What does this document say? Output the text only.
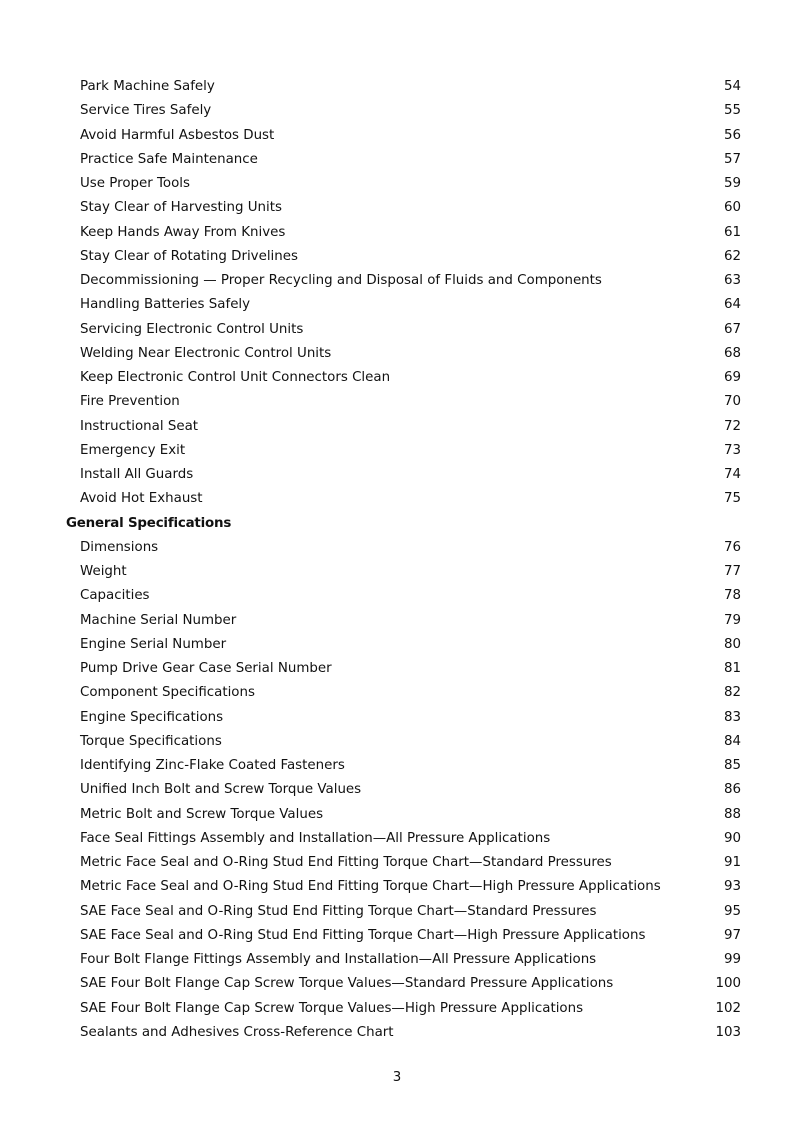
Park Machine Safely	54
Service Tires Safely	55
Avoid Harmful Asbestos Dust	56
Practice Safe Maintenance	57
Use Proper Tools	59
Stay Clear of Harvesting Units	60
Keep Hands Away From Knives	61
Stay Clear of Rotating Drivelines	62
Decommissioning — Proper Recycling and Disposal of Fluids and Components	63
Handling Batteries Safely	64
Servicing Electronic Control Units	67
Welding Near Electronic Control Units	68
Keep Electronic Control Unit Connectors Clean	69
Fire Prevention	70
Instructional Seat	72
Emergency Exit	73
Install All Guards	74
Avoid Hot Exhaust	75
General Specifications
Dimensions	76
Weight	77
Capacities	78
Machine Serial Number	79
Engine Serial Number	80
Pump Drive Gear Case Serial Number	81
Component Specifications	82
Engine Specifications	83
Torque Specifications	84
Identifying Zinc-Flake Coated Fasteners	85
Unified Inch Bolt and Screw Torque Values	86
Metric Bolt and Screw Torque Values	88
Face Seal Fittings Assembly and Installation—All Pressure Applications	90
Metric Face Seal and O-Ring Stud End Fitting Torque Chart—Standard Pressures	91
Metric Face Seal and O-Ring Stud End Fitting Torque Chart—High Pressure Applications	93
SAE Face Seal and O-Ring Stud End Fitting Torque Chart—Standard Pressures	95
SAE Face Seal and O-Ring Stud End Fitting Torque Chart—High Pressure Applications	97
Four Bolt Flange Fittings Assembly and Installation—All Pressure Applications	99
SAE Four Bolt Flange Cap Screw Torque Values—Standard Pressure Applications	100
SAE Four Bolt Flange Cap Screw Torque Values—High Pressure Applications	102
Sealants and Adhesives Cross-Reference Chart	103
3
